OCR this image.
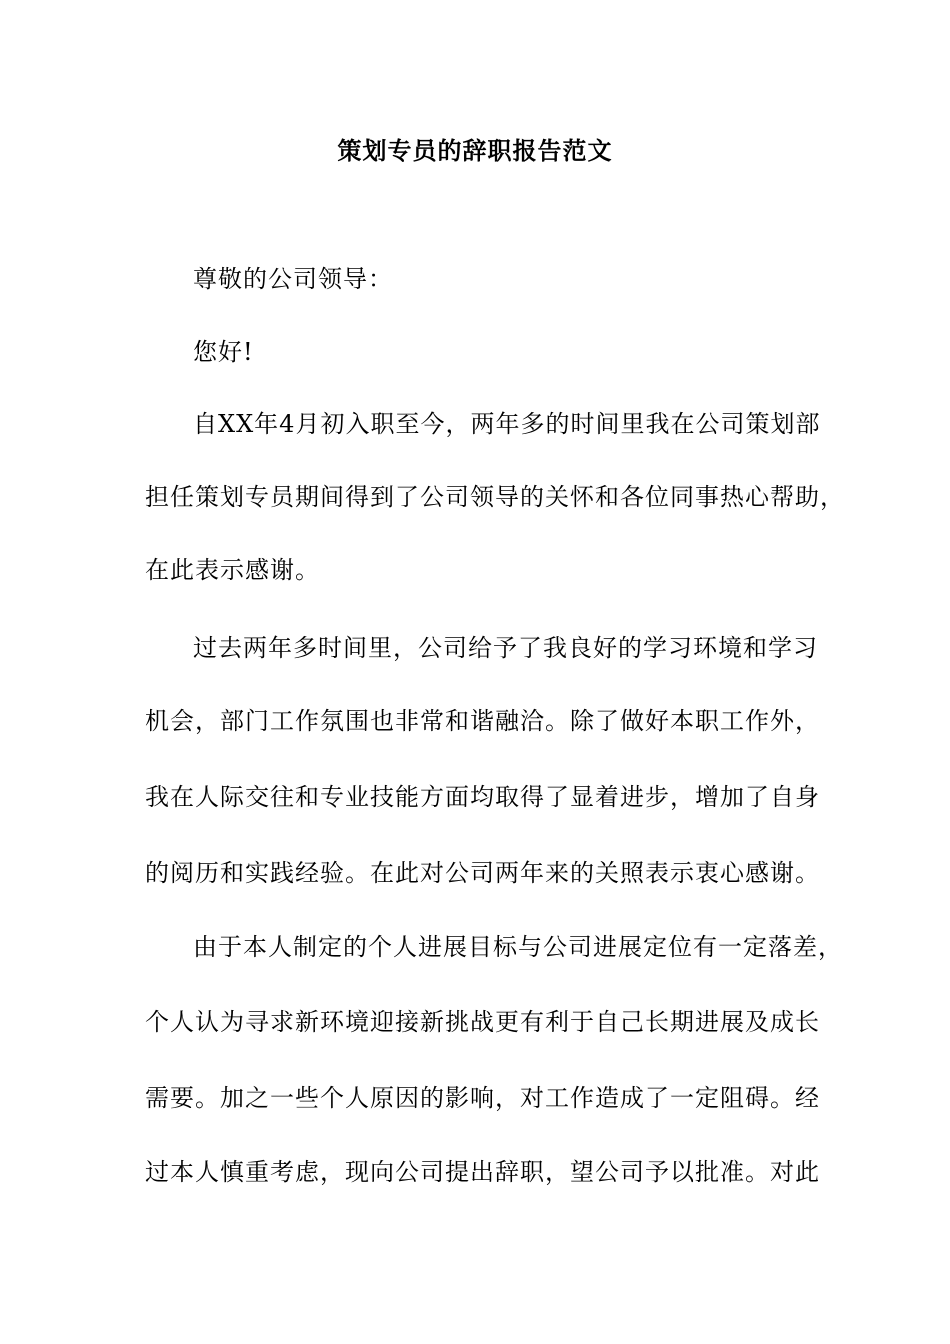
策划专员的辞职报告范文
尊敬的公司领导：
您好!
自XX年4月初入职至今，两年多的时间里我在公司策划部
担任策划专员期间得到了公司领导的关怀和各位同事热心帮助，
在此表示感谢。
过去两年多时间里，公司给予了我良好的学习环境和学习
机会，部门工作氛围也非常和谐融洽。除了做好本职工作外，
我在人际交往和专业技能方面均取得了显着进步，增加了自身
的阅历和实践经验。在此对公司两年来的关照表示衷心感谢。
由于本人制定的个人进展目标与公司进展定位有一定落差，
个人认为寻求新环境迎接新挑战更有利于自己长期进展及成长
需要。加之一些个人原因的影响，对工作造成了一定阻碍。经
过本人慎重考虑，现向公司提出辞职，望公司予以批准。对此
